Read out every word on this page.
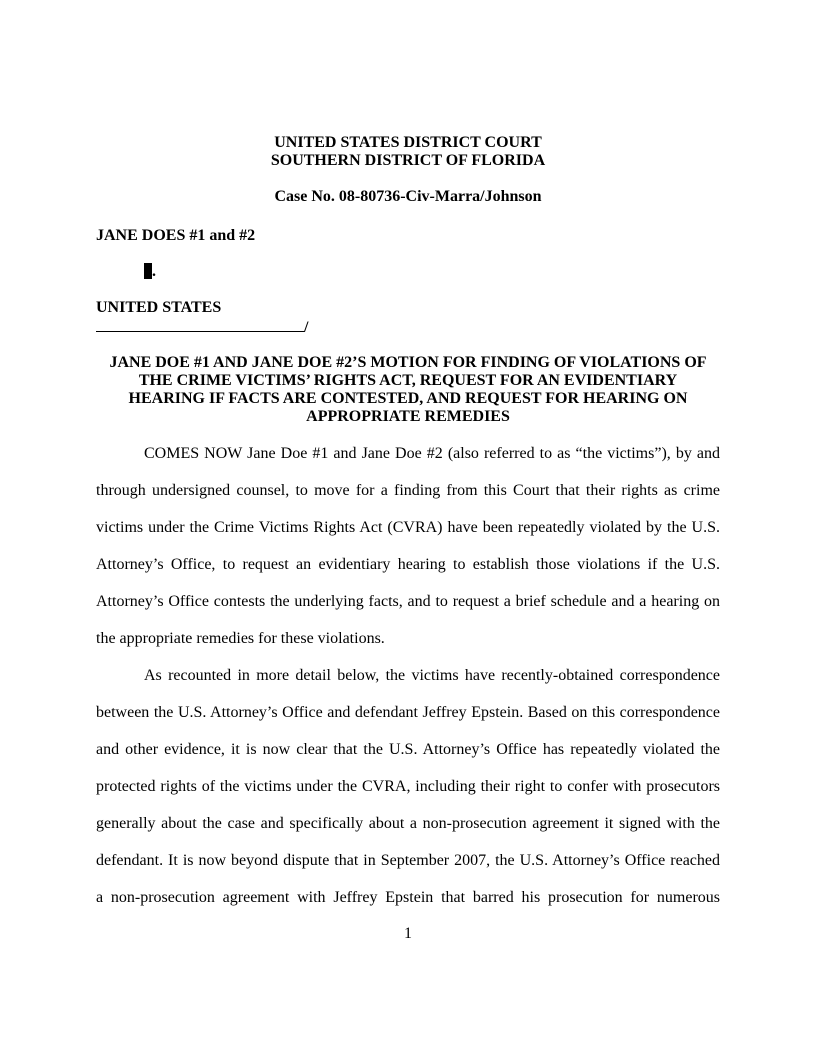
UNITED STATES DISTRICT COURT
SOUTHERN DISTRICT OF FLORIDA
Case No. 08-80736-Civ-Marra/Johnson
JANE DOES #1 and #2
.
UNITED STATES
/
JANE DOE #1 AND JANE DOE #2’S MOTION FOR FINDING OF VIOLATIONS OF
THE CRIME VICTIMS’ RIGHTS ACT, REQUEST FOR AN EVIDENTIARY
HEARING IF FACTS ARE CONTESTED, AND REQUEST FOR HEARING ON
APPROPRIATE REMEDIES
COMES NOW Jane Doe #1 and Jane Doe #2 (also referred to as “the victims”), by and
through undersigned counsel, to move for a finding from this Court that their rights as crime
victims under the Crime Victims Rights Act (CVRA) have been repeatedly violated by the U.S.
Attorney’s Office, to request an evidentiary hearing to establish those violations if the U.S.
Attorney’s Office contests the underlying facts, and to request a brief schedule and a hearing on
the appropriate remedies for these violations.
As recounted in more detail below, the victims have recently-obtained correspondence
between the U.S. Attorney’s Office and defendant Jeffrey Epstein. Based on this correspondence
and other evidence, it is now clear that the U.S. Attorney’s Office has repeatedly violated the
protected rights of the victims under the CVRA, including their right to confer with prosecutors
generally about the case and specifically about a non-prosecution agreement it signed with the
defendant. It is now beyond dispute that in September 2007, the U.S. Attorney’s Office reached
a non-prosecution agreement with Jeffrey Epstein that barred his prosecution for numerous
1
